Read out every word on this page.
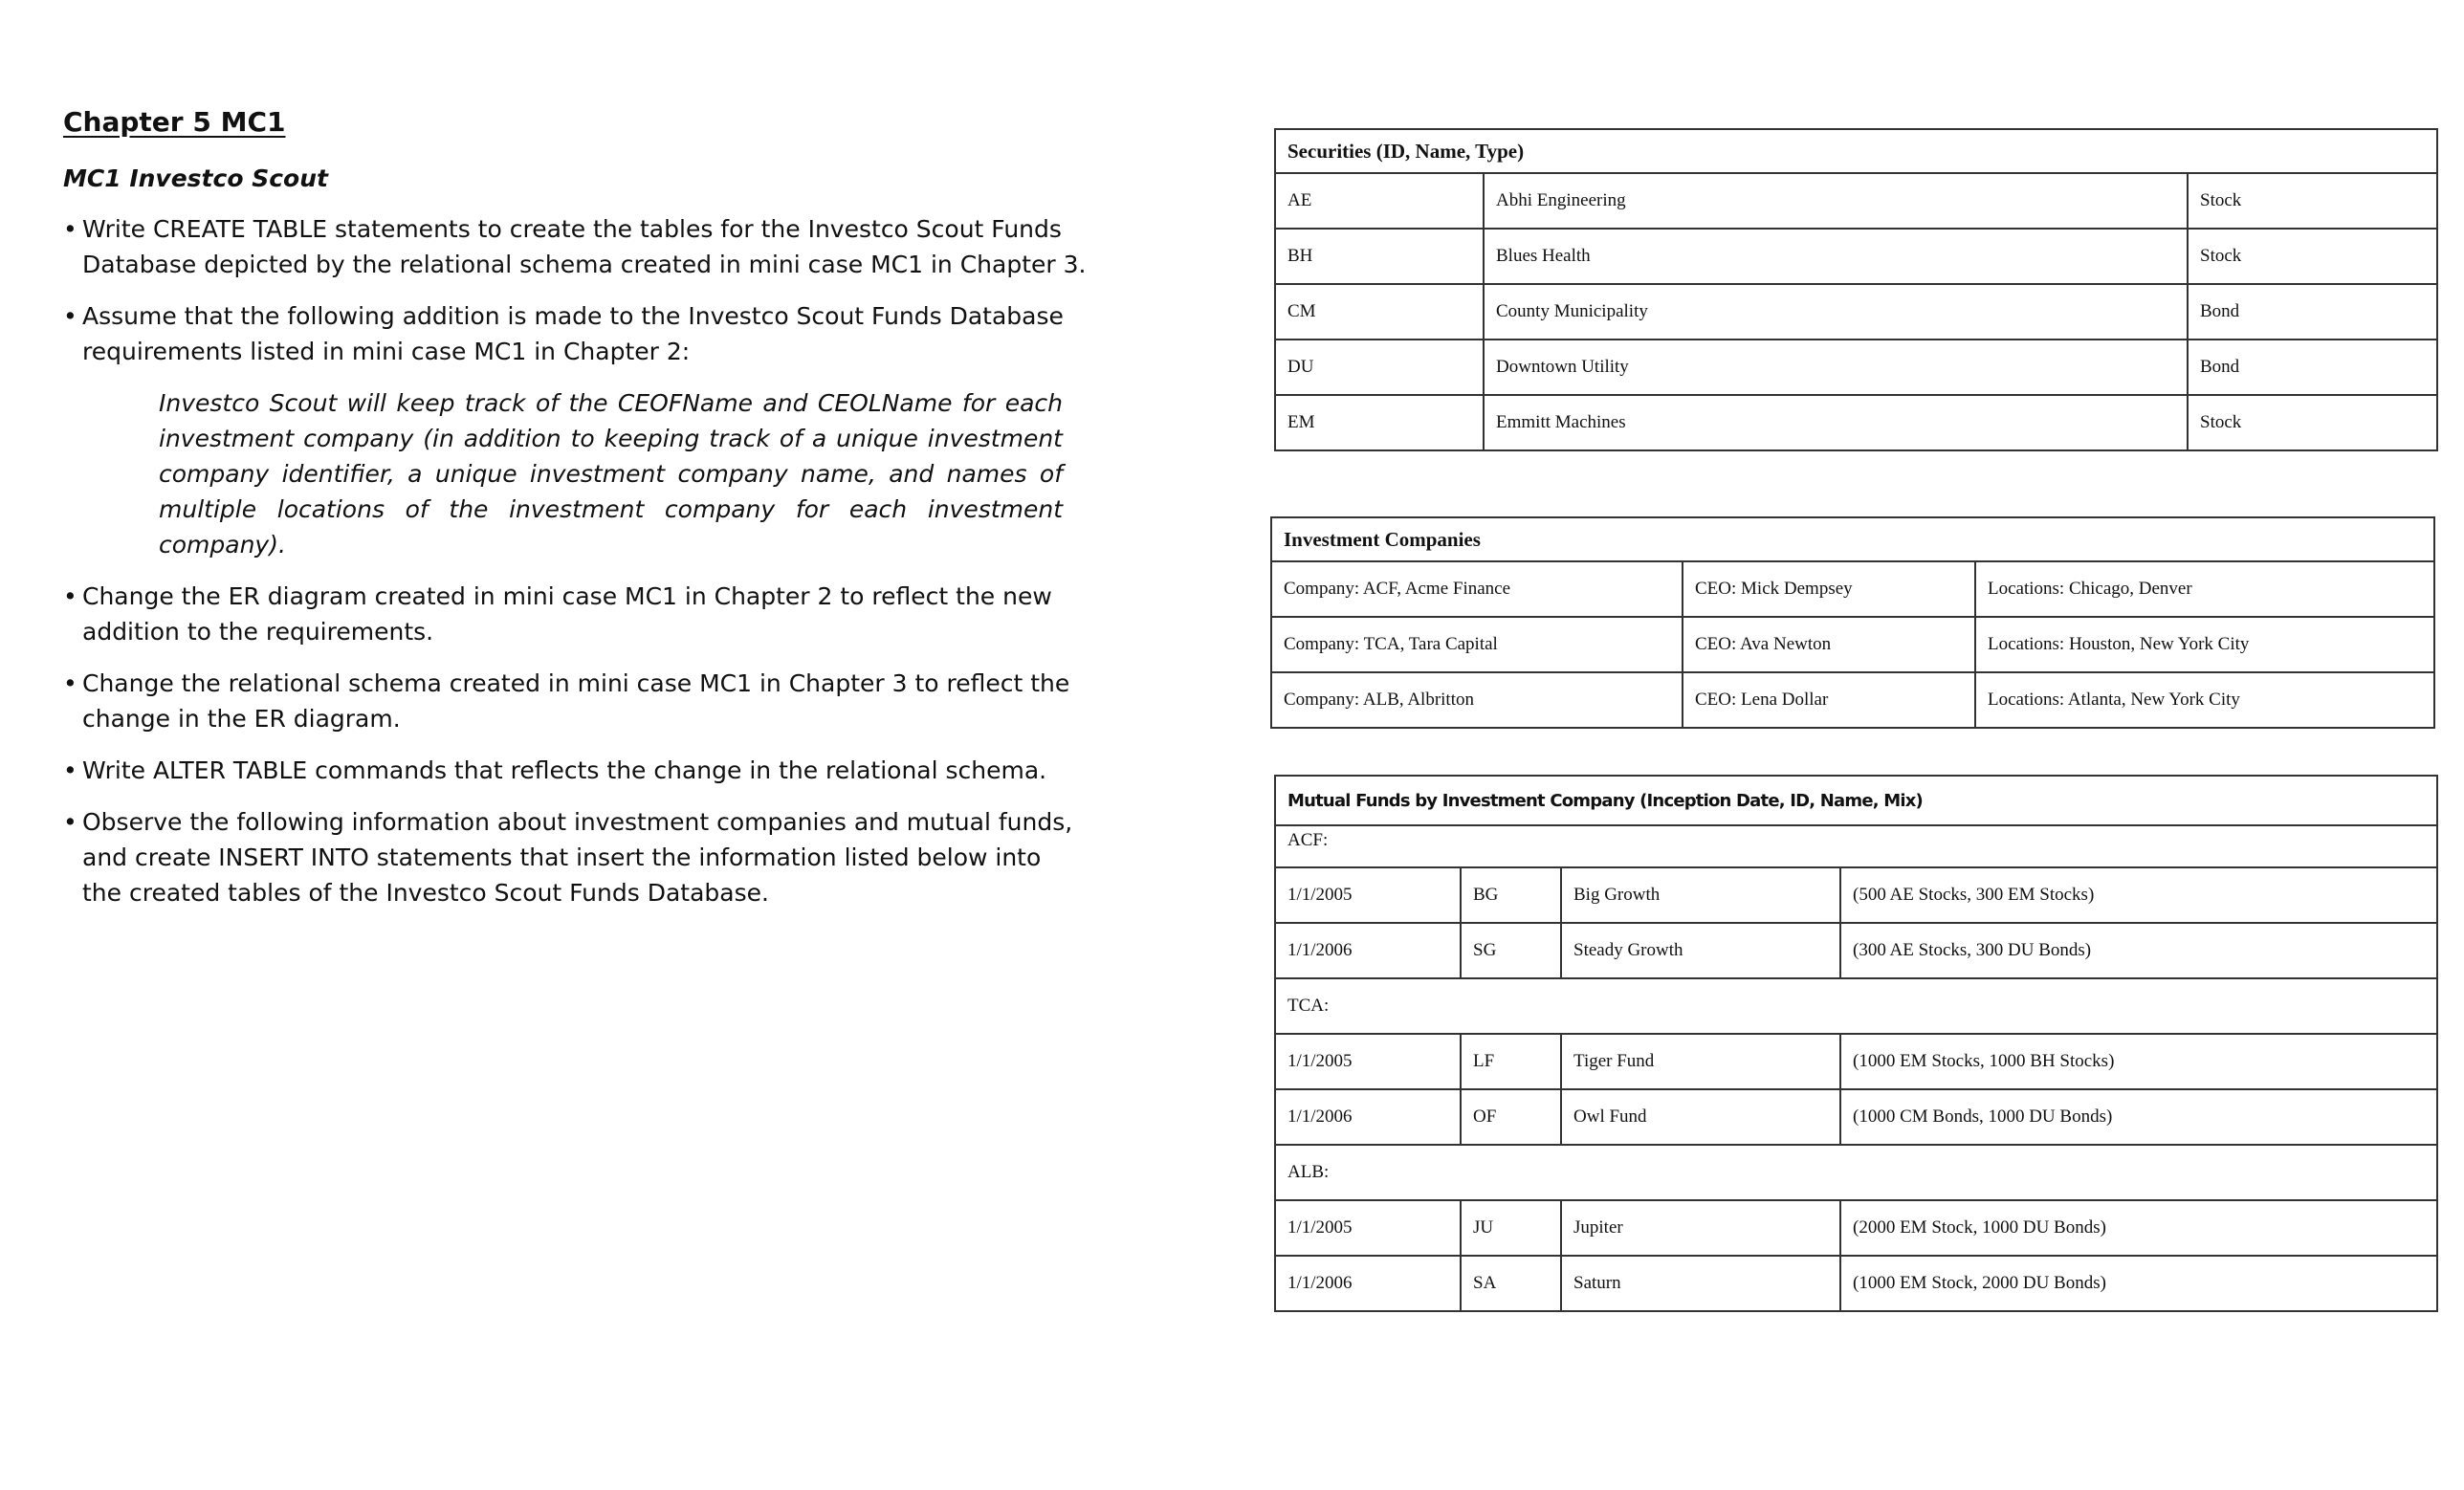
Chapter 5 MC1
MC1 Investco Scout
• Write CREATE TABLE statements to create the tables for the Investco Scout Funds Database depicted by the relational schema created in mini case MC1 in Chapter 3.
• Assume that the following addition is made to the Investco Scout Funds Database requirements listed in mini case MC1 in Chapter 2:
Investco Scout will keep track of the CEOFName and CEOLName for each investment company (in addition to keeping track of a unique investment company identifier, a unique investment company name, and names of multiple locations of the investment company for each investment company).
• Change the ER diagram created in mini case MC1 in Chapter 2 to reflect the new addition to the requirements.
• Change the relational schema created in mini case MC1 in Chapter 3 to reflect the change in the ER diagram.
• Write ALTER TABLE commands that reflects the change in the relational schema.
• Observe the following information about investment companies and mutual funds, and create INSERT INTO statements that insert the information listed below into the created tables of the Investco Scout Funds Database.
Securities (ID, Name, Type)		
AE	Abhi Engineering	Stock
BH	Blues Health	Stock
CM	County Municipality	Bond
DU	Downtown Utility	Bond
EM	Emmitt Machines	Stock
Investment Companies		
Company: ACF, Acme Finance	CEO: Mick Dempsey	Locations: Chicago, Denver
Company: TCA, Tara Capital	CEO: Ava Newton	Locations: Houston, New York City
Company: ALB, Albritton	CEO: Lena Dollar	Locations: Atlanta, New York City
Mutual Funds by Investment Company (Inception Date, ID, Name, Mix)			
ACF:			
1/1/2005	BG	Big Growth	(500 AE Stocks, 300 EM Stocks)
1/1/2006	SG	Steady Growth	(300 AE Stocks, 300 DU Bonds)
TCA:			
1/1/2005	LF	Tiger Fund	(1000 EM Stocks, 1000 BH Stocks)
1/1/2006	OF	Owl Fund	(1000 CM Bonds, 1000 DU Bonds)
ALB:			
1/1/2005	JU	Jupiter	(2000 EM Stock, 1000 DU Bonds)
1/1/2006	SA	Saturn	(1000 EM Stock, 2000 DU Bonds)
